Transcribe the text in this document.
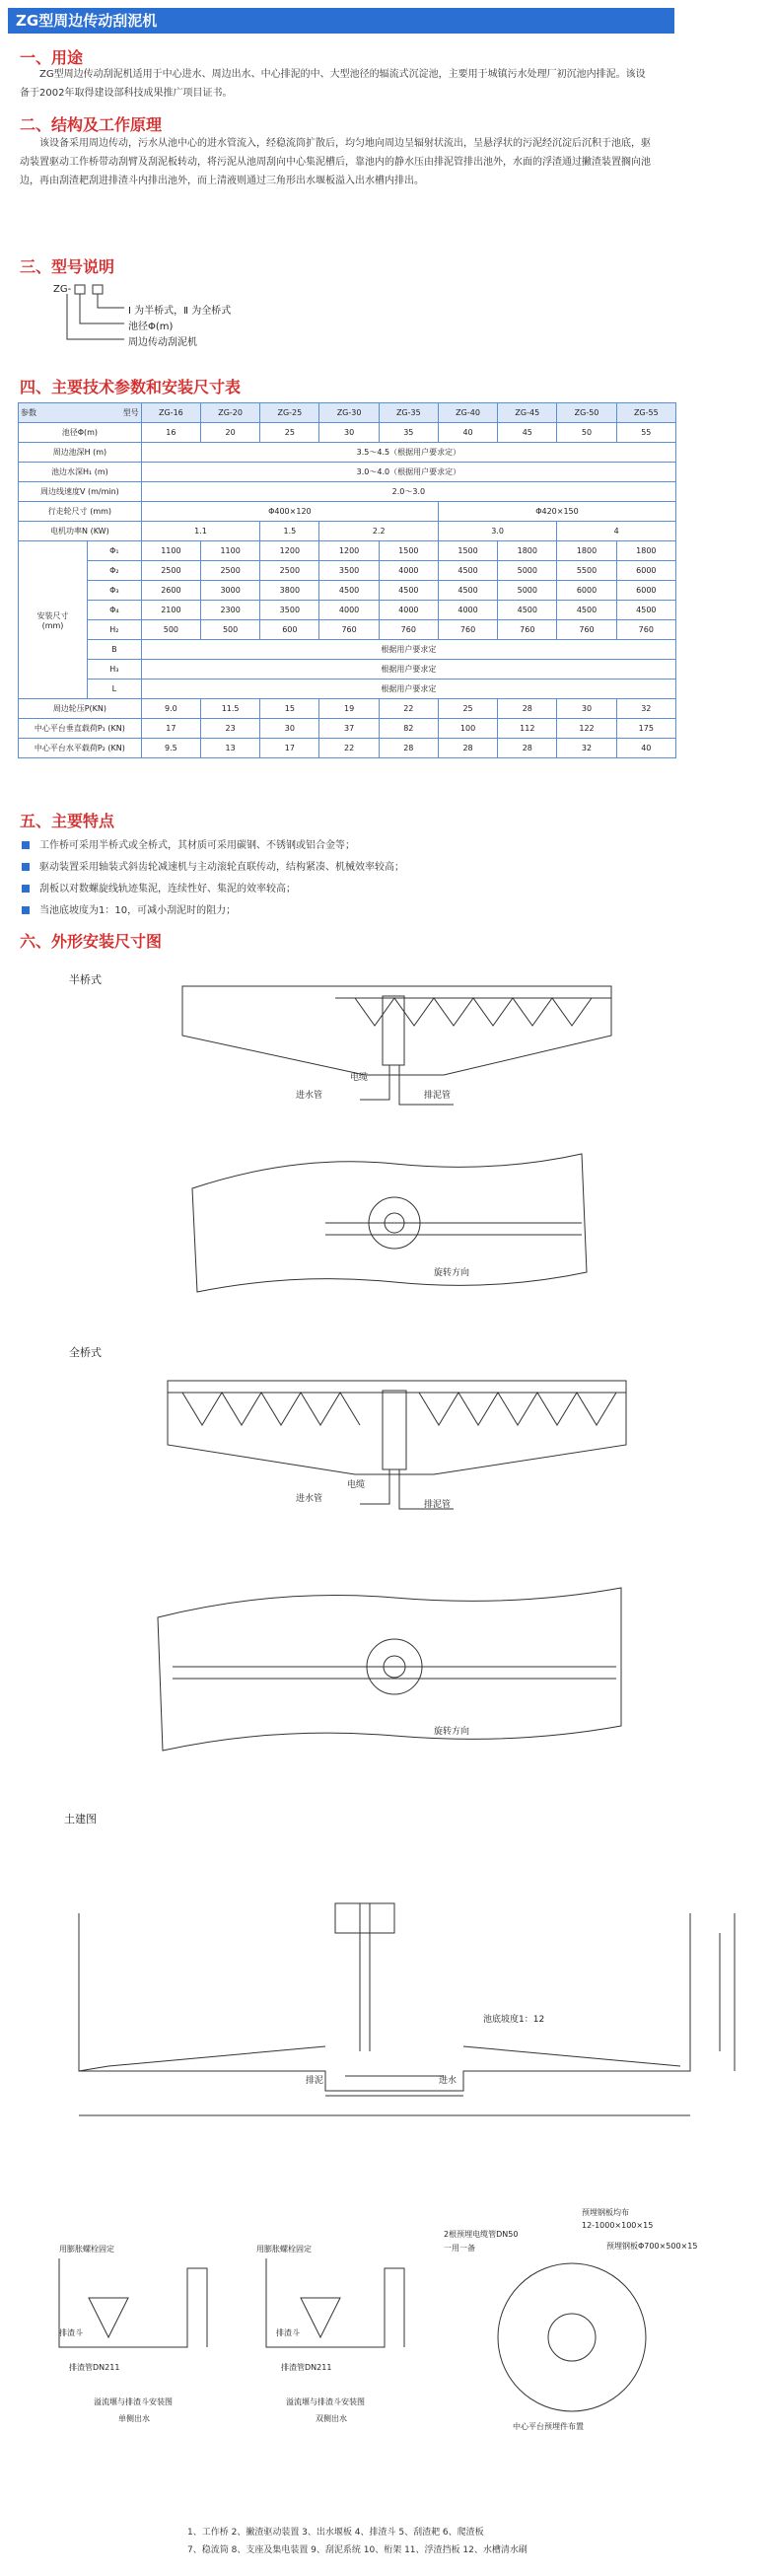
ZG型周边传动刮泥机
一、用途
ZG型周边传动刮泥机适用于中心进水、周边出水、中心排泥的中、大型池径的辐流式沉淀池，主要用于城镇污水处理厂初沉池内排泥。该设备于2002年取得建设部科技成果推广项目证书。
二、结构及工作原理
该设备采用周边传动，污水从池中心的进水管流入，经稳流筒扩散后，均匀地向周边呈辐射状流出，呈悬浮状的污泥经沉淀后沉积于池底，驱动装置驱动工作桥带动刮臂及刮泥板转动，将污泥从池周刮向中心集泥槽后，靠池内的静水压由排泥管排出池外，水面的浮渣通过撇渣装置搁向池边，再由刮渣耙刮进排渣斗内排出池外，而上清液则通过三角形出水堰板溢入出水槽内排出。
三、型号说明
ZG-
Ⅰ 为半桥式，Ⅱ 为全桥式
池径Φ(m)
周边传动刮泥机
四、主要技术参数和安装尺寸表
型号
参数		ZG-16	ZG-20	ZG-25	ZG-30	ZG-35	ZG-40	ZG-45	ZG-50	ZG-55
池径Φ(m)		16	20	25	30	35	40	45	50	55
周边池深H (m)		3.5～4.5（根据用户要求定）								
池边水深H₁ (m)		3.0～4.0（根据用户要求定）								
周边线速度V (m/min)		2.0～3.0								
行走轮尺寸 (mm)		Φ400×120					Φ420×150			
电机功率N (KW)		1.1		1.5	2.2		3.0		4	
安装尺寸
(mm)	Φ₁	1100	1100	1200	1200	1500	1500	1800	1800	1800
	Φ₂	2500	2500	2500	3500	4000	4500	5000	5500	6000
	Φ₃	2600	3000	3800	4500	4500	4500	5000	6000	6000
	Φ₄	2100	2300	3500	4000	4000	4000	4500	4500	4500
	H₂	500	500	600	760	760	760	760	760	760
	B	根据用户要求定								
	H₃	根据用户要求定								
	L	根据用户要求定								
周边轮压P(KN)		9.0	11.5	15	19	22	25	28	30	32
中心平台垂直载荷P₁ (KN)		17	23	30	37	82	100	112	122	175
中心平台水平载荷P₂ (KN)		9.5	13	17	22	28	28	28	32	40
五、主要特点
工作桥可采用半桥式或全桥式，其材质可采用碳钢、不锈钢或铝合金等；
驱动装置采用轴装式斜齿轮减速机与主动滚轮直联传动，结构紧凑、机械效率较高；
刮板以对数螺旋线轨迹集泥，连续性好、集泥的效率较高；
当池底坡度为1：10，可减小刮泥时的阻力；
六、外形安装尺寸图
半桥式
进水管	排泥管
电缆
旋转方向
全桥式
进水管
排泥管
电缆
旋转方向
土建图
池底坡度1：12
排泥	进水
用膨胀螺栓固定
排渣斗
排渣管DN211
溢流堰与排渣斗安装图
单侧出水
用膨胀螺栓固定
排渣斗
排渣管DN211
溢流堰与排渣斗安装图
双侧出水
预埋钢板均布
12-1000×100×15
预埋钢板Φ700×500×15
2根预埋电缆管DN50
一用一备
中心平台预埋件布置
1、工作桥 2、撇渣驱动装置 3、出水堰板 4、排渣斗 5、刮渣耙 6、爬渣板
7、稳流筒 8、支座及集电装置 9、刮泥系统 10、桁架 11、浮渣挡板 12、水槽清水刷
